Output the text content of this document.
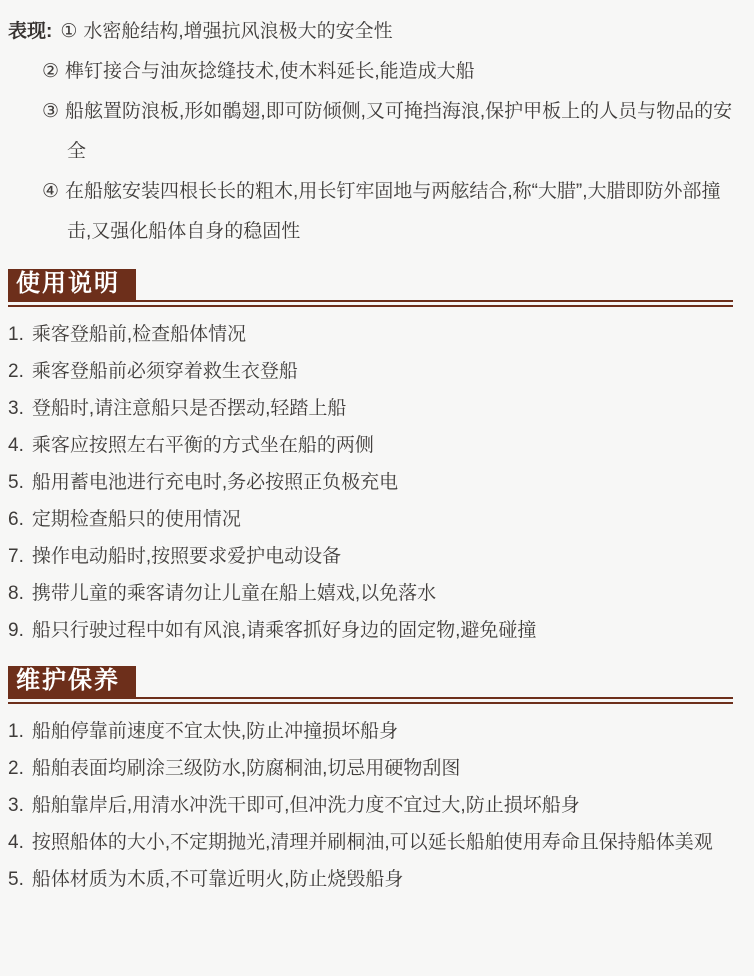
表现: ① 水密舱结构,增强抗风浪极大的安全性
② 榫钉接合与油灰捻缝技术,使木料延长,能造成大船
③ 船舷置防浪板,形如鶻翅,即可防倾侧,又可掩挡海浪,保护甲板上的人员与物品的安全
④ 在船舷安装四根长长的粗木,用长钉牢固地与两舷结合,称“大腊”,大腊即防外部撞击,又强化船体自身的稳固性
使用说明
1. 乘客登船前,检查船体情况
2. 乘客登船前必须穿着救生衣登船
3. 登船时,请注意船只是否摆动,轻踏上船
4. 乘客应按照左右平衡的方式坐在船的两侧
5. 船用蓄电池进行充电时,务必按照正负极充电
6. 定期检查船只的使用情况
7. 操作电动船时,按照要求爱护电动设备
8. 携带儿童的乘客请勿让儿童在船上嬉戏,以免落水
9. 船只行驶过程中如有风浪,请乘客抓好身边的固定物,避免碰撞
维护保养
1. 船舶停靠前速度不宜太快,防止冲撞损坏船身
2. 船舶表面均刷涂三级防水,防腐桐油,切忌用硬物刮图
3. 船舶靠岸后,用清水冲洗干即可,但冲洗力度不宜过大,防止损坏船身
4. 按照船体的大小,不定期抛光,清理并刷桐油,可以延长船舶使用寿命且保持船体美观
5. 船体材质为木质,不可靠近明火,防止烧毁船身
